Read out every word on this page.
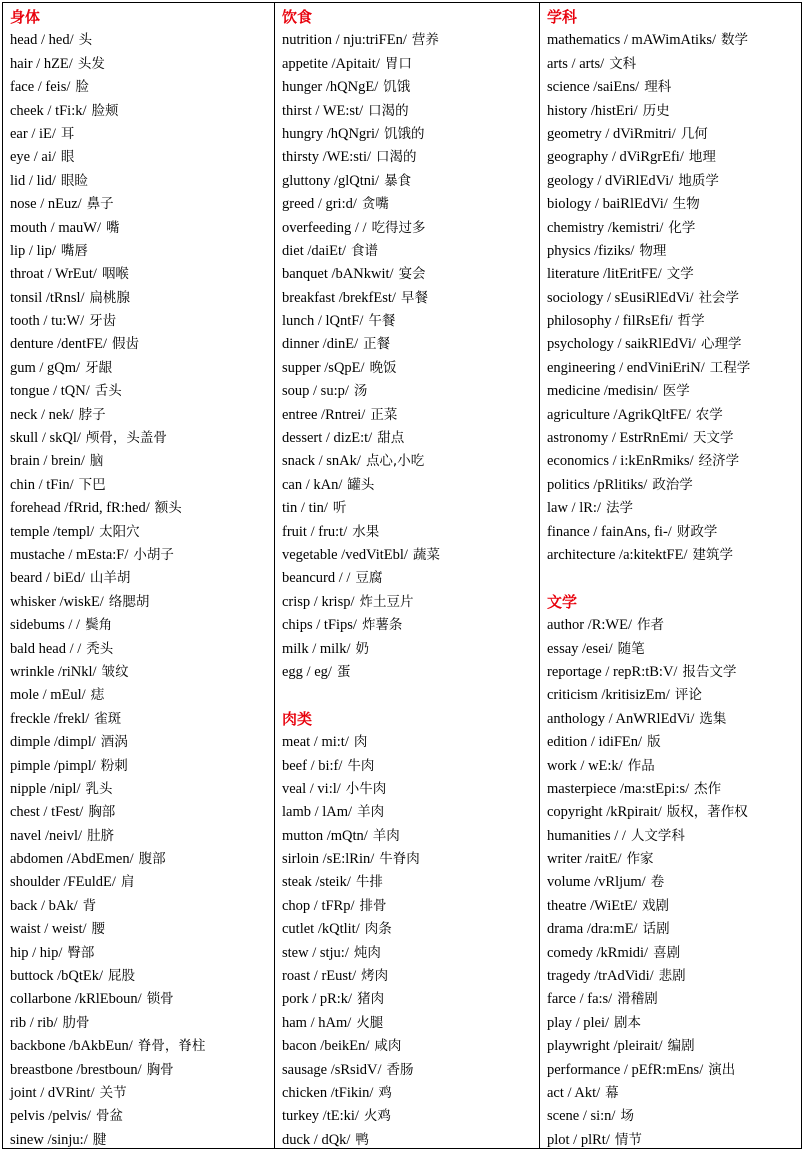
身体
head / hed/ 头
hair / hZE/ 头发
face / feis/ 脸
cheek / tFi:k/ 脸颊
ear / iE/ 耳
eye / ai/ 眼
lid / lid/ 眼睑
nose / nEuz/ 鼻子
mouth / mauW/ 嘴
lip / lip/ 嘴唇
throat / WrEut/ 咽喉
tonsil /tRnsl/ 扁桃腺
tooth / tu:W/ 牙齿
denture /dentFE/ 假齿
gum / gQm/ 牙龈
tongue / tQN/ 舌头
neck / nek/ 脖子
skull / skQl/ 颅骨，头盖骨
brain / brein/ 脑
chin / tFin/ 下巴
forehead /fRrid, fR:hed/ 额头
temple /templ/ 太阳穴
mustache / mEsta:F/ 小胡子
beard / biEd/ 山羊胡
whisker /wiskE/ 络腮胡
sidebums / / 鬓角
bald head / / 秃头
wrinkle /riNkl/ 皱纹
mole / mEul/ 痣
freckle /frekl/ 雀斑
dimple /dimpl/ 酒涡
pimple /pimpl/ 粉刺
nipple /nipl/ 乳头
chest / tFest/ 胸部
navel /neivl/ 肚脐
abdomen /AbdEmen/ 腹部
shoulder /FEuldE/ 肩
back / bAk/ 背
waist / weist/ 腰
hip / hip/ 臀部
buttock /bQtEk/ 屁股
collarbone /kRlEboun/ 锁骨
rib / rib/ 肋骨
backbone /bAkbEun/ 脊骨，脊柱
breastbone /brestboun/ 胸骨
joint / dVRint/ 关节
pelvis /pelvis/ 骨盆
sinew /sinju:/ 腱
饮食
nutrition / nju:triFEn/ 营养
appetite /Apitait/ 胃口
hunger /hQNgE/ 饥饿
thirst / WE:st/ 口渴的
hungry /hQNgri/ 饥饿的
thirsty /WE:sti/ 口渴的
gluttony /glQtni/ 暴食
greed / gri:d/ 贪嘴
overfeeding / / 吃得过多
diet /daiEt/ 食谱
banquet /bANkwit/ 宴会
breakfast /brekfEst/ 早餐
lunch / lQntF/ 午餐
dinner /dinE/ 正餐
supper /sQpE/ 晚饭
soup / su:p/ 汤
entree /Rntrei/ 正菜
dessert / dizE:t/ 甜点
snack / snAk/ 点心,小吃
can / kAn/ 罐头
tin / tin/ 听
fruit / fru:t/ 水果
vegetable /vedVitEbl/ 蔬菜
beancurd / / 豆腐
crisp / krisp/ 炸土豆片
chips / tFips/ 炸薯条
milk / milk/ 奶
egg / eg/ 蛋
肉类
meat / mi:t/ 肉
beef / bi:f/ 牛肉
veal / vi:l/ 小牛肉
lamb / lAm/ 羊肉
mutton /mQtn/ 羊肉
sirloin /sE:lRin/ 牛脊肉
steak /steik/ 牛排
chop / tFRp/ 排骨
cutlet /kQtlit/ 肉条
stew / stju:/ 炖肉
roast / rEust/ 烤肉
pork / pR:k/ 猪肉
ham / hAm/ 火腿
bacon /beikEn/ 咸肉
sausage /sRsidV/ 香肠
chicken /tFikin/ 鸡
turkey /tE:ki/ 火鸡
duck / dQk/ 鸭
学科
mathematics / mAWimAtiks/ 数学
arts / arts/ 文科
science /saiEns/ 理科
history /histEri/ 历史
geometry / dViRmitri/ 几何
geography / dViRgrEfi/ 地理
geology / dViRlEdVi/ 地质学
biology / baiRlEdVi/ 生物
chemistry /kemistri/ 化学
physics /fiziks/ 物理
literature /litEritFE/ 文学
sociology / sEusiRlEdVi/ 社会学
philosophy / filRsEfi/ 哲学
psychology / saikRlEdVi/ 心理学
engineering / endViniEriN/ 工程学
medicine /medisin/ 医学
agriculture /AgrikQltFE/ 农学
astronomy / EstrRnEmi/ 天文学
economics / i:kEnRmiks/ 经济学
politics /pRlitiks/ 政治学
law / lR:/ 法学
finance / fainAns, fi-/ 财政学
architecture /a:kitektFE/ 建筑学
文学
author /R:WE/ 作者
essay /esei/ 随笔
reportage / repR:tB:V/ 报告文学
criticism /kritisizEm/ 评论
anthology / AnWRlEdVi/ 选集
edition / idiFEn/ 版
work / wE:k/ 作品
masterpiece /ma:stEpi:s/ 杰作
copyright /kRpirait/ 版权，著作权
humanities / / 人文学科
writer /raitE/ 作家
volume /vRljum/ 卷
theatre /WiEtE/ 戏剧
drama /dra:mE/ 话剧
comedy /kRmidi/ 喜剧
tragedy /trAdVidi/ 悲剧
farce / fa:s/ 滑稽剧
play / plei/ 剧本
playwright /pleirait/ 编剧
performance / pEfR:mEns/ 演出
act / Akt/ 幕
scene / si:n/ 场
plot / plRt/ 情节
